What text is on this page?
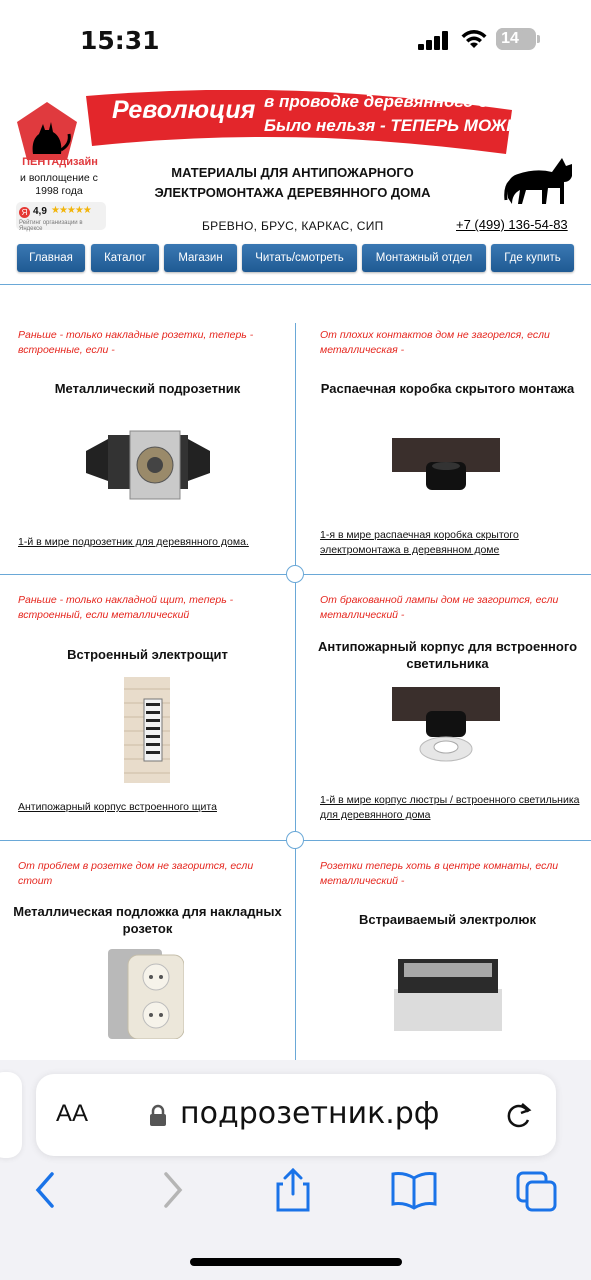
15:31	14
ПЕНТАдизайн
и воплощение с 1998 года
Я 4,9 ★★★★★
Рейтинг организации в Яндексе
Революция в проводке деревянного дома!!!
Было нельзя - ТЕПЕРЬ МОЖНО!
МАТЕРИАЛЫ ДЛЯ АНТИПОЖАРНОГО ЭЛЕКТРОМОНТАЖА ДЕРЕВЯННОГО ДОМА
БРЕВНО, БРУС, КАРКАС, СИП	+7 (499) 136-54-83
Главная	Каталог	Магазин	Читать/смотреть	Монтажный отдел	Где купить
Раньше - только накладные розетки, теперь - встроенные, если -
Металлический подрозетник
1-й в мире подрозетник для деревянного дома.
От плохих контактов дом не загорелся, если металлическая -
Распаечная коробка скрытого монтажа
1-я в мире распаечная коробка скрытого электромонтажа в деревянном доме
Раньше - только накладной щит, теперь - встроенный, если металлический
Встроенный электрощит
Антипожарный корпус встроенного щита
От бракованной лампы дом не загорится, если металлический -
Антипожарный корпус для встроенного светильника
1-й в мире корпус люстры / встроенного светильника для деревянного дома
От проблем в розетке дом не загорится, если стоит
Металлическая подложка для накладных розеток
Розетки теперь хоть в центре комнаты, если металлический -
Встраиваемый электролюк
AA	подрозетник.рф
